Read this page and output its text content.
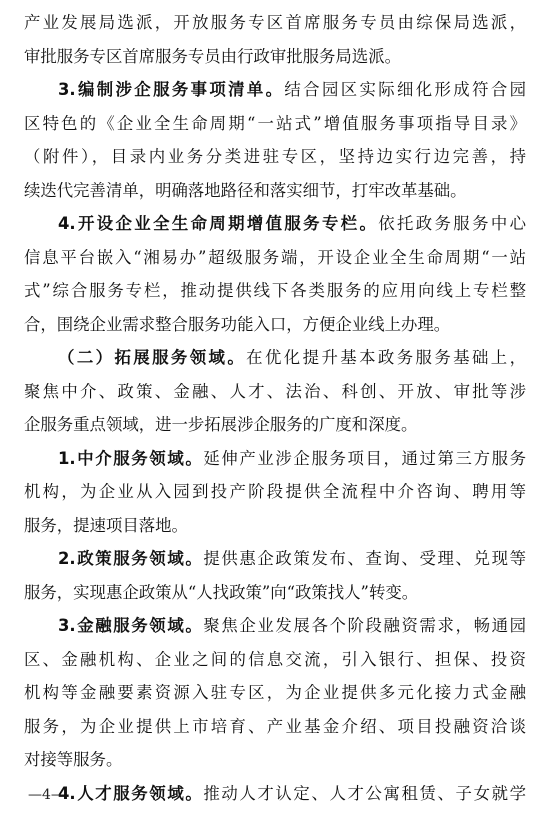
产业发展局选派，开放服务专区首席服务专员由综保局选派，
审批服务专区首席服务专员由行政审批服务局选派。
3.编制涉企服务事项清单。结合园区实际细化形成符合园
区特色的《企业全生命周期“一站式”增值服务事项指导目录》
（附件），目录内业务分类进驻专区，坚持边实行边完善，持
续迭代完善清单，明确落地路径和落实细节，打牢改革基础。
4.开设企业全生命周期增值服务专栏。依托政务服务中心
信息平台嵌入“湘易办”超级服务端，开设企业全生命周期“一站
式”综合服务专栏，推动提供线下各类服务的应用向线上专栏整
合，围绕企业需求整合服务功能入口，方便企业线上办理。
（二）拓展服务领域。在优化提升基本政务服务基础上，
聚焦中介、政策、金融、人才、法治、科创、开放、审批等涉
企服务重点领域，进一步拓展涉企服务的广度和深度。
1.中介服务领域。延伸产业涉企服务项目，通过第三方服务
机构，为企业从入园到投产阶段提供全流程中介咨询、聘用等
服务，提速项目落地。
2.政策服务领域。提供惠企政策发布、查询、受理、兑现等
服务，实现惠企政策从“人找政策”向“政策找人”转变。
3.金融服务领域。聚焦企业发展各个阶段融资需求，畅通园
区、金融机构、企业之间的信息交流，引入银行、担保、投资
机构等金融要素资源入驻专区，为企业提供多元化接力式金融
服务，为企业提供上市培育、产业基金介绍、项目投融资洽谈
对接等服务。
4.人才服务领域。推动人才认定、人才公寓租赁、子女就学
—4—
